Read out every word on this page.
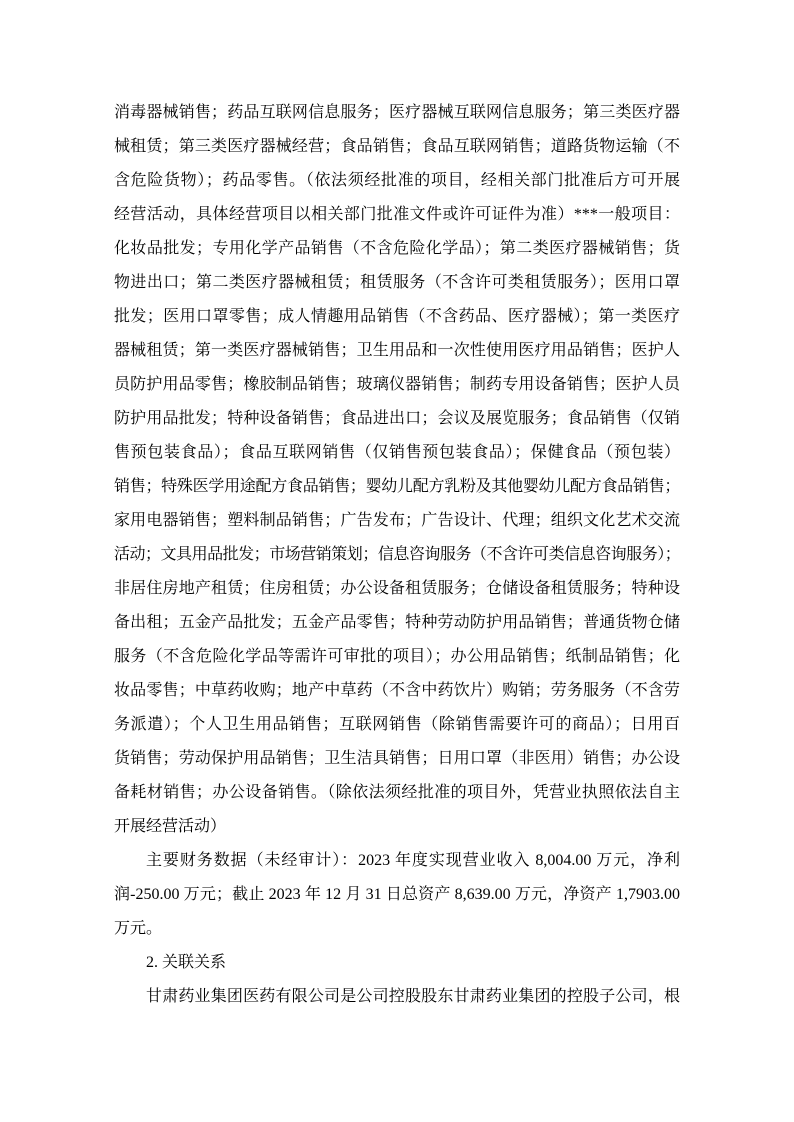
消毒器械销售；药品互联网信息服务；医疗器械互联网信息服务；第三类医疗器
械租赁；第三类医疗器械经营；食品销售；食品互联网销售；道路货物运输（不
含危险货物）；药品零售。（依法须经批准的项目，经相关部门批准后方可开展
经营活动，具体经营项目以相关部门批准文件或许可证件为准）***一般项目：
化妆品批发；专用化学产品销售（不含危险化学品）；第二类医疗器械销售；货
物进出口；第二类医疗器械租赁；租赁服务（不含许可类租赁服务）；医用口罩
批发；医用口罩零售；成人情趣用品销售（不含药品、医疗器械）；第一类医疗
器械租赁；第一类医疗器械销售；卫生用品和一次性使用医疗用品销售；医护人
员防护用品零售；橡胶制品销售；玻璃仪器销售；制药专用设备销售；医护人员
防护用品批发；特种设备销售；食品进出口；会议及展览服务；食品销售（仅销
售预包装食品）；食品互联网销售（仅销售预包装食品）；保健食品（预包装）
销售；特殊医学用途配方食品销售；婴幼儿配方乳粉及其他婴幼儿配方食品销售；
家用电器销售；塑料制品销售；广告发布；广告设计、代理；组织文化艺术交流
活动；文具用品批发；市场营销策划；信息咨询服务（不含许可类信息咨询服务）；
非居住房地产租赁；住房租赁；办公设备租赁服务；仓储设备租赁服务；特种设
备出租；五金产品批发；五金产品零售；特种劳动防护用品销售；普通货物仓储
服务（不含危险化学品等需许可审批的项目）；办公用品销售；纸制品销售；化
妆品零售；中草药收购；地产中草药（不含中药饮片）购销；劳务服务（不含劳
务派遣）；个人卫生用品销售；互联网销售（除销售需要许可的商品）；日用百
货销售；劳动保护用品销售；卫生洁具销售；日用口罩（非医用）销售；办公设
备耗材销售；办公设备销售。（除依法须经批准的项目外，凭营业执照依法自主
开展经营活动）
主要财务数据（未经审计）：2023 年度实现营业收入 8,004.00 万元，净利
润-250.00 万元；截止 2023 年 12 月 31 日总资产 8,639.00 万元，净资产 1,7903.00
万元。
2. 关联关系
甘肃药业集团医药有限公司是公司控股股东甘肃药业集团的控股子公司，根
